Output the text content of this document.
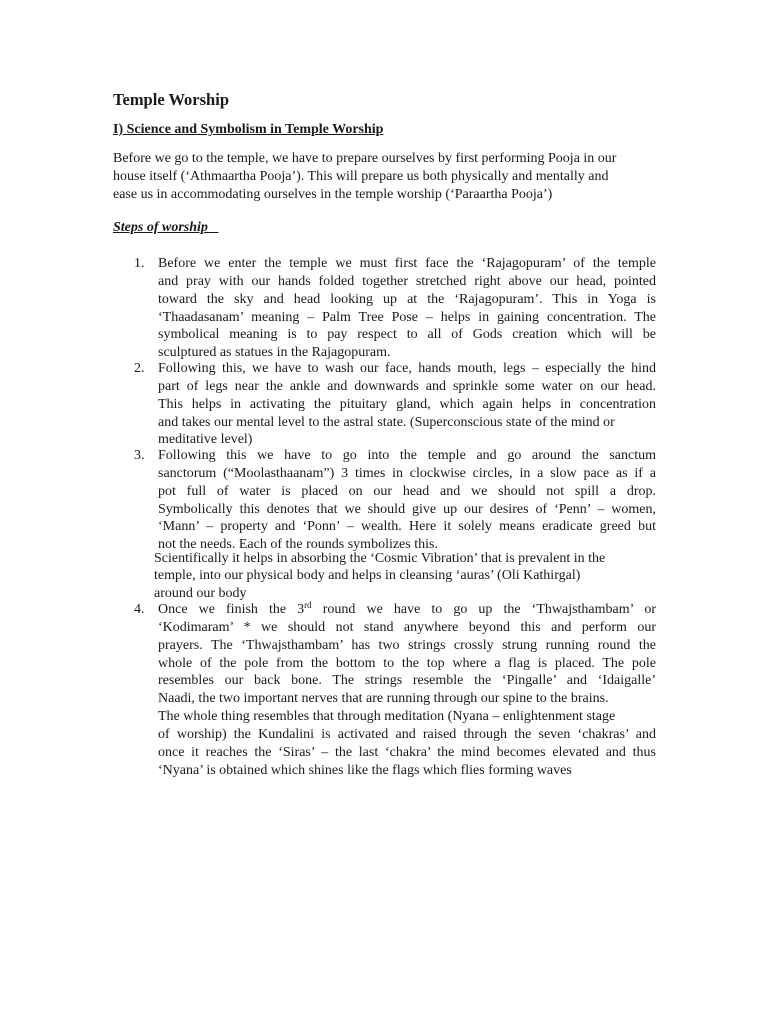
Temple Worship
I) Science and Symbolism in Temple Worship
Before we go to the temple, we have to prepare ourselves by first performing Pooja in our
house itself (‘Athmaartha Pooja’). This will prepare us both physically and mentally and
ease us in accommodating ourselves in the temple worship (‘Paraartha Pooja’)
Steps of worship
1. Before we enter the temple we must first face the ‘Rajagopuram’ of the temple
and pray with our hands folded together stretched right above our head, pointed
toward the sky and head looking up at the ‘Rajagopuram’. This in Yoga is
‘Thaadasanam’ meaning – Palm Tree Pose – helps in gaining concentration. The
symbolical meaning is to pay respect to all of Gods creation which will be
sculptured as statues in the Rajagopuram.
2. Following this, we have to wash our face, hands mouth, legs – especially the hind
part of legs near the ankle and downwards and sprinkle some water on our head.
This helps in activating the pituitary gland, which again helps in concentration
and takes our mental level to the astral state. (Superconscious state of the mind or
meditative level)
3. Following this we have to go into the temple and go around the sanctum
sanctorum (“Moolasthaanam”) 3 times in clockwise circles, in a slow pace as if a
pot full of water is placed on our head and we should not spill a drop.
Symbolically this denotes that we should give up our desires of ‘Penn’ – women,
‘Mann’ – property and ‘Ponn’ – wealth. Here it solely means eradicate greed but
not the needs. Each of the rounds symbolizes this.
Scientifically it helps in absorbing the ‘Cosmic Vibration’ that is prevalent in the
temple, into our physical body and helps in cleansing ‘auras’ (Oli Kathirgal)
around our body
4. Once we finish the 3rd round we have to go up the ‘Thwajsthambam’ or
‘Kodimaram’ * we should not stand anywhere beyond this and perform our
prayers. The ‘Thwajsthambam’ has two strings crossly strung running round the
whole of the pole from the bottom to the top where a flag is placed. The pole
resembles our back bone. The strings resemble the ‘Pingalle’ and ‘Idaigalle’
Naadi, the two important nerves that are running through our spine to the brains.
The whole thing resembles that through meditation (Nyana – enlightenment stage
of worship) the Kundalini is activated and raised through the seven ‘chakras’ and
once it reaches the ‘Siras’ – the last ‘chakra’ the mind becomes elevated and thus
‘Nyana’ is obtained which shines like the flags which flies forming waves
